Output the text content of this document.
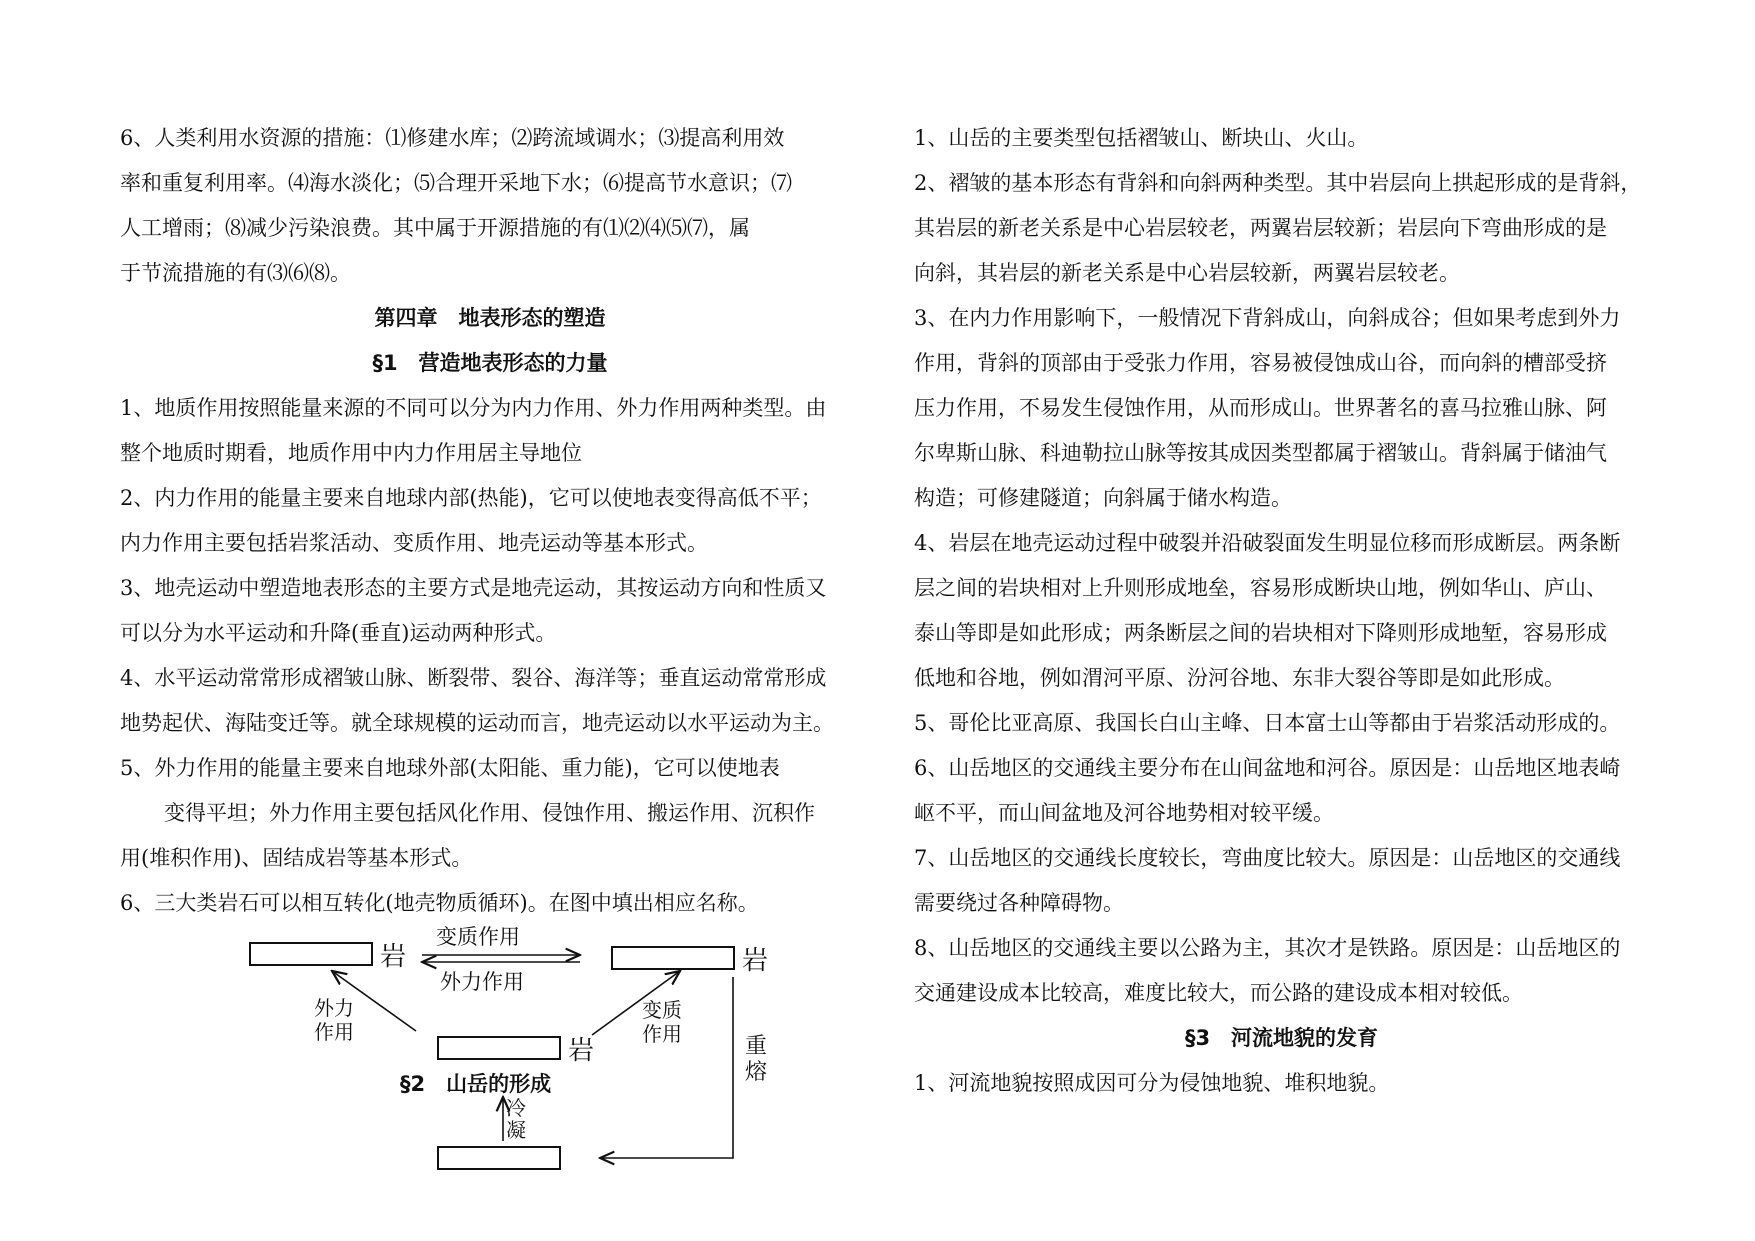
6、人类利用水资源的措施：⑴修建水库；⑵跨流域调水；⑶提高利用效

率和重复利用率。⑷海水淡化；⑸合理开采地下水；⑹提高节水意识；⑺

人工增雨；⑻减少污染浪费。其中属于开源措施的有⑴⑵⑷⑸⑺，属

于节流措施的有⑶⑹⑻。

第四章　地表形态的塑造

§1　营造地表形态的力量

1、地质作用按照能量来源的不同可以分为内力作用、外力作用两种类型。由

整个地质时期看，地质作用中内力作用居主导地位

2、内力作用的能量主要来自地球内部(热能)，它可以使地表变得高低不平；

内力作用主要包括岩浆活动、变质作用、地壳运动等基本形式。

3、地壳运动中塑造地表形态的主要方式是地壳运动，其按运动方向和性质又

可以分为水平运动和升降(垂直)运动两种形式。

4、水平运动常常形成褶皱山脉、断裂带、裂谷、海洋等；垂直运动常常形成

地势起伏、海陆变迁等。就全球规模的运动而言，地壳运动以水平运动为主。

5、外力作用的能量主要来自地球外部(太阳能、重力能)，它可以使地表

变得平坦；外力作用主要包括风化作用、侵蚀作用、搬运作用、沉积作

用(堆积作用)、固结成岩等基本形式。

6、三大类岩石可以相互转化(地壳物质循环)。在图中填出相应名称。

岩	岩
岩
变质作用
外力作用
外力
作用
变质
作用	重
熔
冷
凝
§2　山岳的形成

1、山岳的主要类型包括褶皱山、断块山、火山。

2、褶皱的基本形态有背斜和向斜两种类型。其中岩层向上拱起形成的是背斜，

其岩层的新老关系是中心岩层较老，两翼岩层较新；岩层向下弯曲形成的是

向斜，其岩层的新老关系是中心岩层较新，两翼岩层较老。

3、在内力作用影响下，一般情况下背斜成山，向斜成谷；但如果考虑到外力

作用，背斜的顶部由于受张力作用，容易被侵蚀成山谷，而向斜的槽部受挤

压力作用，不易发生侵蚀作用，从而形成山。世界著名的喜马拉雅山脉、阿

尔卑斯山脉、科迪勒拉山脉等按其成因类型都属于褶皱山。背斜属于储油气

构造；可修建隧道；向斜属于储水构造。

4、岩层在地壳运动过程中破裂并沿破裂面发生明显位移而形成断层。两条断

层之间的岩块相对上升则形成地垒，容易形成断块山地，例如华山、庐山、

泰山等即是如此形成；两条断层之间的岩块相对下降则形成地堑，容易形成

低地和谷地，例如渭河平原、汾河谷地、东非大裂谷等即是如此形成。

5、哥伦比亚高原、我国长白山主峰、日本富士山等都由于岩浆活动形成的。

6、山岳地区的交通线主要分布在山间盆地和河谷。原因是：山岳地区地表崎

岖不平，而山间盆地及河谷地势相对较平缓。

7、山岳地区的交通线长度较长，弯曲度比较大。原因是：山岳地区的交通线

需要绕过各种障碍物。

8、山岳地区的交通线主要以公路为主，其次才是铁路。原因是：山岳地区的

交通建设成本比较高，难度比较大，而公路的建设成本相对较低。

§3　河流地貌的发育

1、河流地貌按照成因可分为侵蚀地貌、堆积地貌。
